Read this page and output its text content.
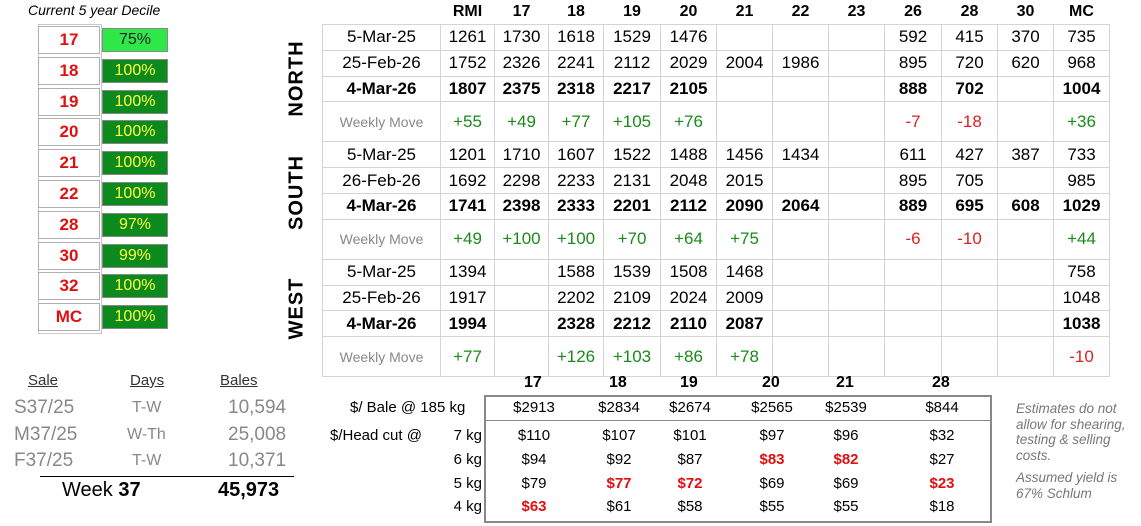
Current 5 year Decile
17	75%
18	100%
19	100%
20	100%
21	100%
22	100%
28	97%
30	99%
32	100%
MC	100%
NORTH
SOUTH
WEST
	RMI	17	18	19	20	21	22	23	26	28	30	MC
5-Mar-25	1261	1730	1618	1529	1476				592	415	370	735
25-Feb-26	1752	2326	2241	2112	2029	2004	1986		895	720	620	968
4-Mar-26	1807	2375	2318	2217	2105				888	702		1004
Weekly Move	+55	+49	+77	+105	+76				-7	-18		+36
5-Mar-25	1201	1710	1607	1522	1488	1456	1434		611	427	387	733
26-Feb-26	1692	2298	2233	2131	2048	2015			895	705		985
4-Mar-26	1741	2398	2333	2201	2112	2090	2064		889	695	608	1029
Weekly Move	+49	+100	+100	+70	+64	+75			-6	-10		+44
5-Mar-25	1394		1588	1539	1508	1468						758
25-Feb-26	1917		2202	2109	2024	2009						1048
4-Mar-26	1994		2328	2212	2110	2087						1038
Weekly Move	+77		+126	+103	+86	+78						-10
Sale	Days	Bales
S37/25	T-W	10,594
M37/25	W-Th	25,008
F37/25	T-W	10,371
Week 37	45,973
17	18	19	20	21	28
$2913	$2834	$2674	$2565	$2539	$844
7 kg	$110	$107	$101	$97	$96	$32
6 kg	$94	$92	$87	$83	$82	$27
5 kg	$79	$77	$72	$69	$69	$23
4 kg	$63	$61	$58	$55	$55	$18
$/ Bale @ 185 kg
$/Head cut @
Estimates do not allow for shearing, testing & selling costs.
Assumed yield is 67% Schlum
